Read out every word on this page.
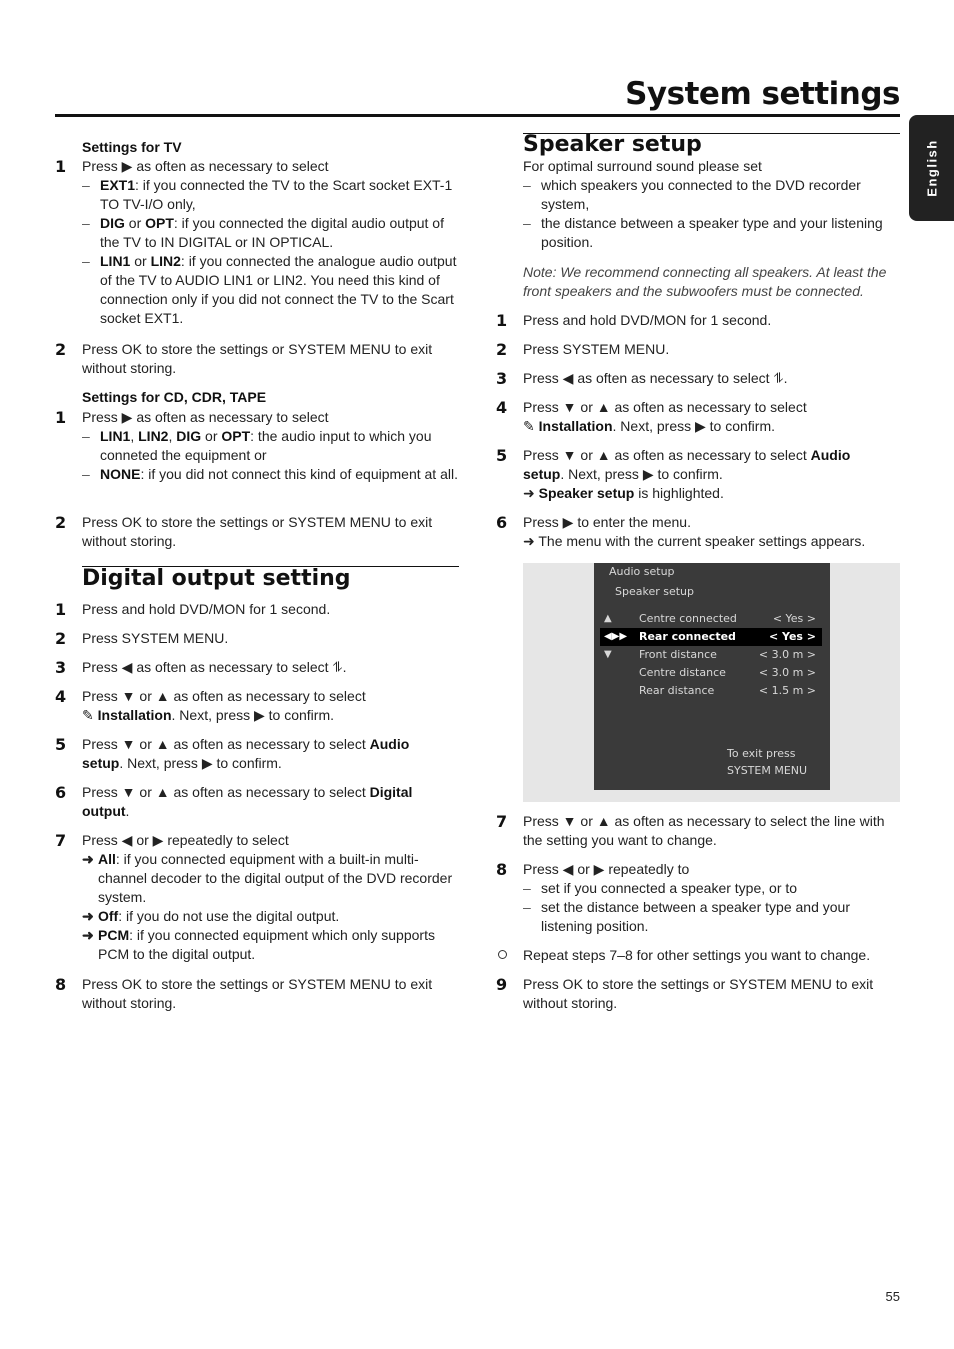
System settings
English
Settings for TV
1	Press ▶ as often as necessary to select
– EXT1: if you connected the TV to the Scart socket EXT-1 TO TV-I/O only,
– DIG or OPT: if you connected the digital audio output of the TV to IN DIGITAL or IN OPTICAL.
– LIN1 or LIN2: if you connected the analogue audio output of the TV to AUDIO LIN1 or LIN2. You need this kind of connection only if you did not connect the TV to the Scart socket EXT1.
2	Press OK to store the settings or SYSTEM MENU to exit without storing.
Settings for CD, CDR, TAPE
1	Press ▶ as often as necessary to select
– LIN1, LIN2, DIG or OPT: the audio input to which you conneted the equipment or
– NONE: if you did not connect this kind of equipment at all.
2	Press OK to store the settings or SYSTEM MENU to exit without storing.
Digital output setting
1	Press and hold DVD/MON for 1 second.
2	Press SYSTEM MENU.
3	Press ◀ as often as necessary to select ⥮.
4	Press ▼ or ▲ as often as necessary to select
✎ Installation. Next, press ▶ to confirm.
5	Press ▼ or ▲ as often as necessary to select Audio
setup. Next, press ▶ to confirm.
6	Press ▼ or ▲ as often as necessary to select Digital
output.
7	Press ◀ or ▶ repeatedly to select
➜ All: if you connected equipment with a built-in multi-channel decoder to the digital output of the DVD recorder system.
➜ Off: if you do not use the digital output.
➜ PCM: if you connected equipment which only supports PCM to the digital output.
8	Press OK to store the settings or SYSTEM MENU to exit without storing.
Speaker setup
For optimal surround sound please set
– which speakers you connected to the DVD recorder system,
– the distance between a speaker type and your listening position.
Note: We recommend connecting all speakers. At least the front speakers and the subwoofers must be connected.
1	Press and hold DVD/MON for 1 second.
2	Press SYSTEM MENU.
3	Press ◀ as often as necessary to select ⥮.
4	Press ▼ or ▲ as often as necessary to select
✎ Installation. Next, press ▶ to confirm.
5	Press ▼ or ▲ as often as necessary to select Audio
setup. Next, press ▶ to confirm.
➜ Speaker setup is highlighted.
6	Press ▶ to enter the menu.
➜ The menu with the current speaker settings appears.
7	Press ▼ or ▲ as often as necessary to select the line with the setting you want to change.
8	Press ◀ or ▶ repeatedly to
– set if you connected a speaker type, or to
– set the distance between a speaker type and your listening position.
Repeat steps 7–8 for other settings you want to change.
9	Press OK to store the settings or SYSTEM MENU to exit without storing.
Audio setup
Speaker setup
▲ Centre connected	< Yes >
◀▶▶ Rear connected	< Yes >
▼ Front distance	< 3.0 m >
Centre distance	< 3.0 m >
Rear distance	< 1.5 m >
To exit press
SYSTEM MENU
55
